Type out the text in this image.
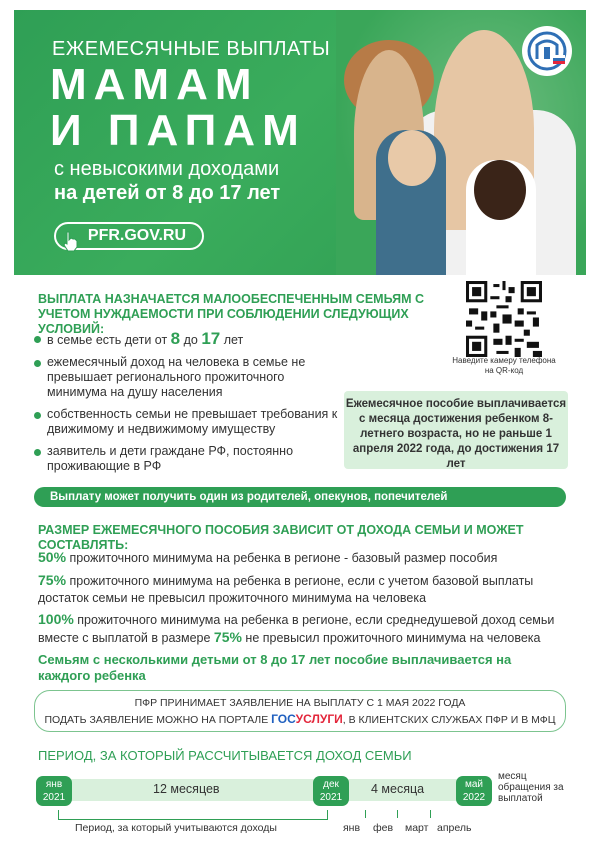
ЕЖЕМЕСЯЧНЫЕ ВЫПЛАТЫ
МАМАМ
И ПАПАМ
с невысокими доходами
на детей от 8 до 17 лет
PFR.GOV.RU
ВЫПЛАТА НАЗНАЧАЕТСЯ МАЛООБЕСПЕЧЕННЫМ СЕМЬЯМ С УЧЕТОМ НУЖДАЕМОСТИ ПРИ СОБЛЮДЕНИИ СЛЕДУЮЩИХ УСЛОВИЙ:
Наведите камеру телефона на QR-код
в семье есть дети от 8 до 17 лет
ежемесячный доход на человека в семье не превышает регионального прожиточного минимума на душу населения
собственность семьи не превышает требования к движимому и недвижимому имуществу
заявитель и дети граждане РФ, постоянно проживающие в РФ
Ежемесячное пособие выплачивается с месяца достижения ребенком 8-летнего возраста, но не раньше 1 апреля 2022 года, до достижения 17 лет
Выплату может получить один из родителей, опекунов, попечителей
РАЗМЕР ЕЖЕМЕСЯЧНОГО ПОСОБИЯ ЗАВИСИТ ОТ ДОХОДА СЕМЬИ И МОЖЕТ СОСТАВЛЯТЬ:
50% прожиточного минимума на ребенка в регионе - базовый размер пособия
75% прожиточного минимума на ребенка в регионе, если с учетом базовой выплаты достаток семьи не превысил прожиточного минимума на человека
100% прожиточного минимума на ребенка в регионе, если среднедушевой доход семьи вместе с выплатой в размере 75% не превысил прожиточного минимума на человека
Семьям с несколькими детьми от 8 до 17 лет пособие выплачивается на каждого ребенка
ПФР ПРИНИМАЕТ ЗАЯВЛЕНИЕ НА ВЫПЛАТУ С 1 МАЯ 2022 ГОДА
ПОДАТЬ ЗАЯВЛЕНИЕ МОЖНО НА ПОРТАЛЕ ГОСУСЛУГИ, В КЛИЕНТСКИХ СЛУЖБАХ ПФР И В МФЦ
ПЕРИОД, ЗА КОТОРЫЙ РАССЧИТЫВАЕТСЯ ДОХОД СЕМЬИ
12 месяцев	4 месяца
янв
2021
дек
2021
май
2022
месяц обращения за выплатой
Период, за который учитываются доходы	янв фев март апрель
